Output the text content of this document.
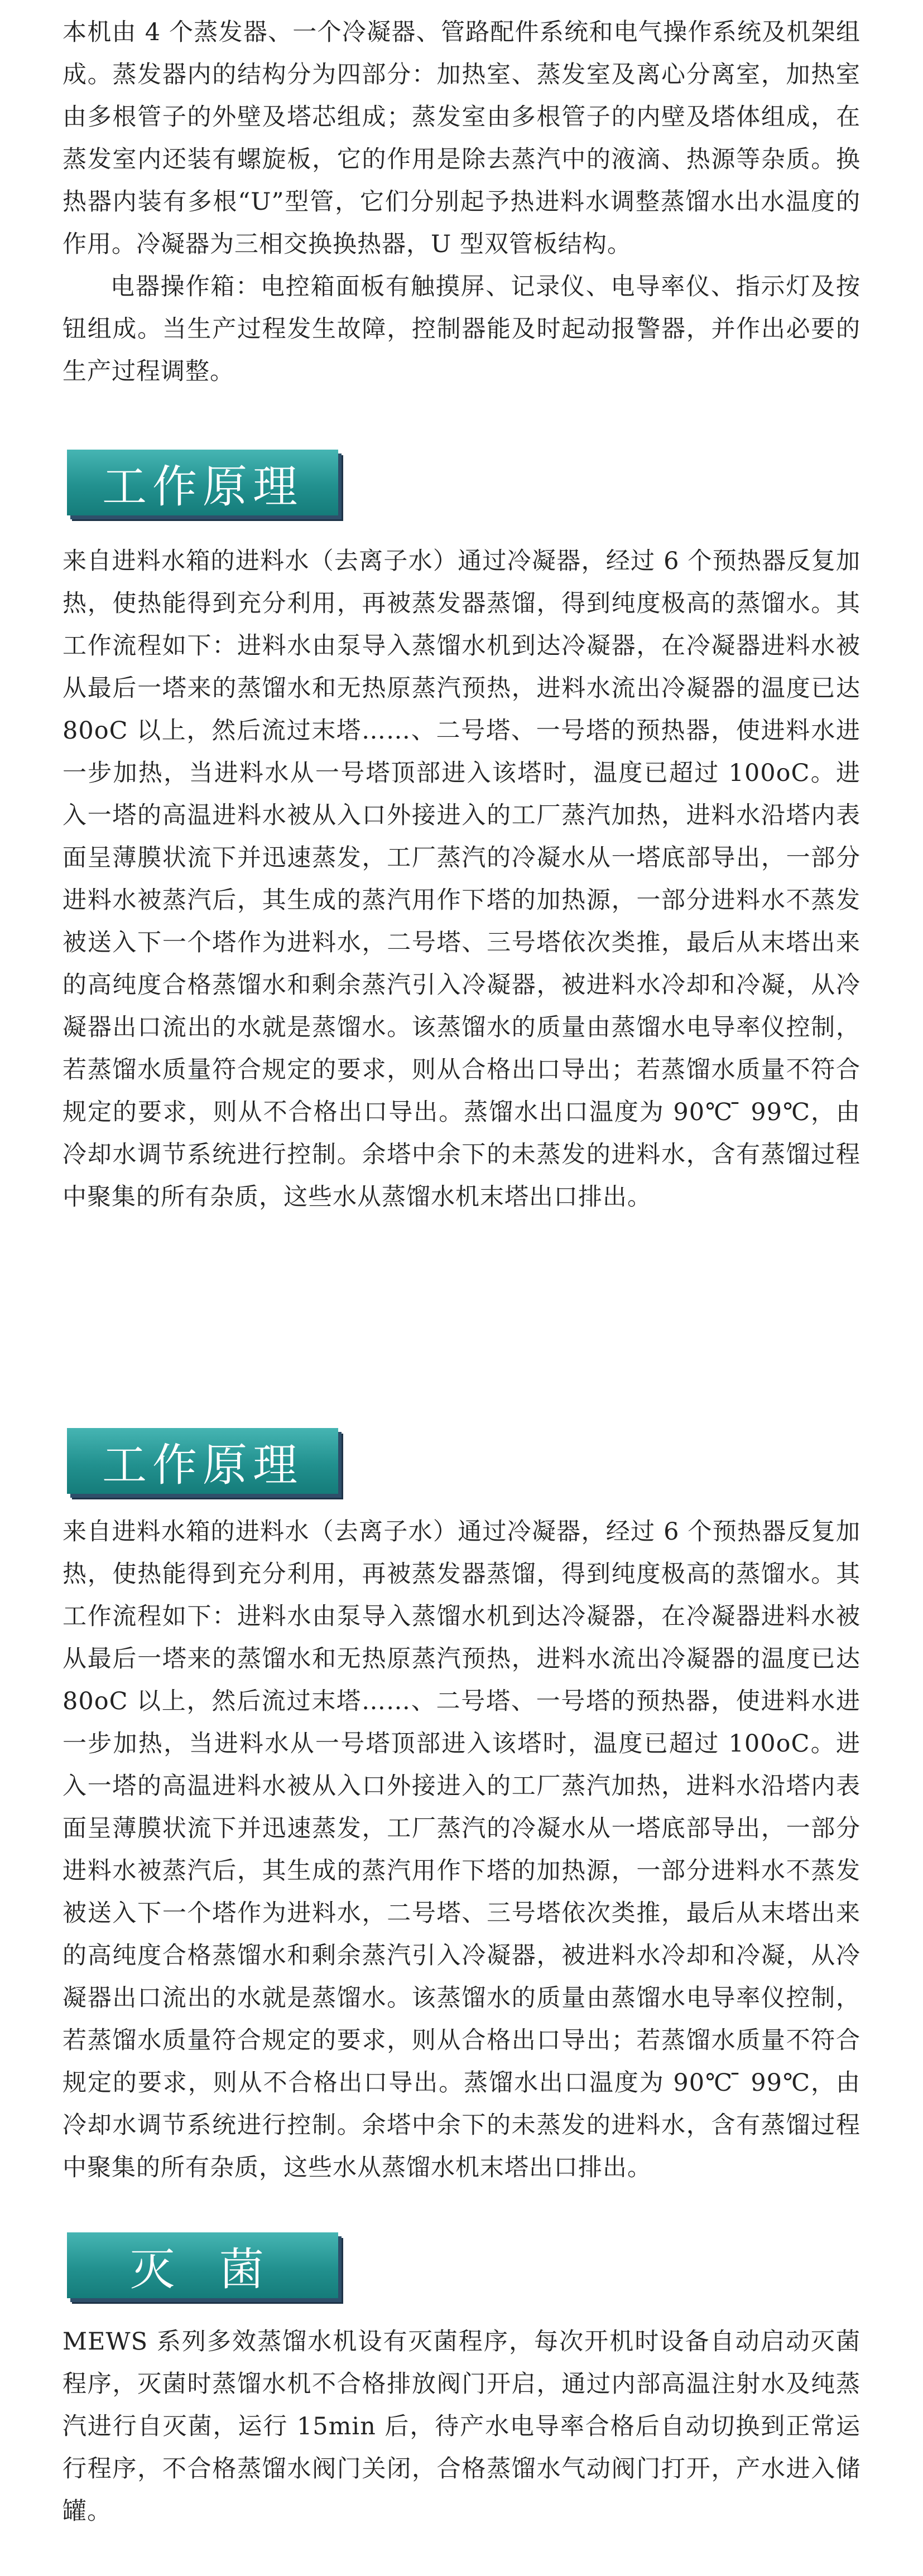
本机由 4 个蒸发器、一个冷凝器、管路配件系统和电气操作系统及机架组成。蒸发器内的结构分为四部分：加热室、蒸发室及离心分离室，加热室由多根管子的外壁及塔芯组成；蒸发室由多根管子的内壁及塔体组成，在蒸发室内还装有螺旋板，它的作用是除去蒸汽中的液滴、热源等杂质。换热器内装有多根“U”型管，它们分别起予热进料水调整蒸馏水出水温度的作用。冷凝器为三相交换换热器，U 型双管板结构。

电器操作箱：电控箱面板有触摸屏、记录仪、电导率仪、指示灯及按钮组成。当生产过程发生故障，控制器能及时起动报警器，并作出必要的生产过程调整。

工作原理

来自进料水箱的进料水（去离子水）通过冷凝器，经过 6 个预热器反复加热，使热能得到充分利用，再被蒸发器蒸馏，得到纯度极高的蒸馏水。其工作流程如下：进料水由泵导入蒸馏水机到达冷凝器，在冷凝器进料水被从最后一塔来的蒸馏水和无热原蒸汽预热，进料水流出冷凝器的温度已达 80oC 以上，然后流过末塔……、二号塔、一号塔的预热器，使进料水进一步加热，当进料水从一号塔顶部进入该塔时，温度已超过 100oC。进入一塔的高温进料水被从入口外接进入的工厂蒸汽加热，进料水沿塔内表面呈薄膜状流下并迅速蒸发，工厂蒸汽的冷凝水从一塔底部导出，一部分进料水被蒸汽后，其生成的蒸汽用作下塔的加热源，一部分进料水不蒸发被送入下一个塔作为进料水，二号塔、三号塔依次类推，最后从末塔出来的高纯度合格蒸馏水和剩余蒸汽引入冷凝器，被进料水冷却和冷凝，从冷凝器出口流出的水就是蒸馏水。该蒸馏水的质量由蒸馏水电导率仪控制，若蒸馏水质量符合规定的要求，则从合格出口导出；若蒸馏水质量不符合规定的要求，则从不合格出口导出。蒸馏水出口温度为 90℃ ̄ 99℃，由冷却水调节系统进行控制。余塔中余下的未蒸发的进料水，含有蒸馏过程中聚集的所有杂质，这些水从蒸馏水机末塔出口排出。

工作原理

来自进料水箱的进料水（去离子水）通过冷凝器，经过 6 个预热器反复加热，使热能得到充分利用，再被蒸发器蒸馏，得到纯度极高的蒸馏水。其工作流程如下：进料水由泵导入蒸馏水机到达冷凝器，在冷凝器进料水被从最后一塔来的蒸馏水和无热原蒸汽预热，进料水流出冷凝器的温度已达 80oC 以上，然后流过末塔……、二号塔、一号塔的预热器，使进料水进一步加热，当进料水从一号塔顶部进入该塔时，温度已超过 100oC。进入一塔的高温进料水被从入口外接进入的工厂蒸汽加热，进料水沿塔内表面呈薄膜状流下并迅速蒸发，工厂蒸汽的冷凝水从一塔底部导出，一部分进料水被蒸汽后，其生成的蒸汽用作下塔的加热源，一部分进料水不蒸发被送入下一个塔作为进料水，二号塔、三号塔依次类推，最后从末塔出来的高纯度合格蒸馏水和剩余蒸汽引入冷凝器，被进料水冷却和冷凝，从冷凝器出口流出的水就是蒸馏水。该蒸馏水的质量由蒸馏水电导率仪控制，若蒸馏水质量符合规定的要求，则从合格出口导出；若蒸馏水质量不符合规定的要求，则从不合格出口导出。蒸馏水出口温度为 90℃ ̄ 99℃，由冷却水调节系统进行控制。余塔中余下的未蒸发的进料水，含有蒸馏过程中聚集的所有杂质，这些水从蒸馏水机末塔出口排出。

灭菌

MEWS 系列多效蒸馏水机设有灭菌程序，每次开机时设备自动启动灭菌程序，灭菌时蒸馏水机不合格排放阀门开启，通过内部高温注射水及纯蒸汽进行自灭菌，运行 15min 后，待产水电导率合格后自动切换到正常运行程序，不合格蒸馏水阀门关闭，合格蒸馏水气动阀门打开，产水进入储罐。
